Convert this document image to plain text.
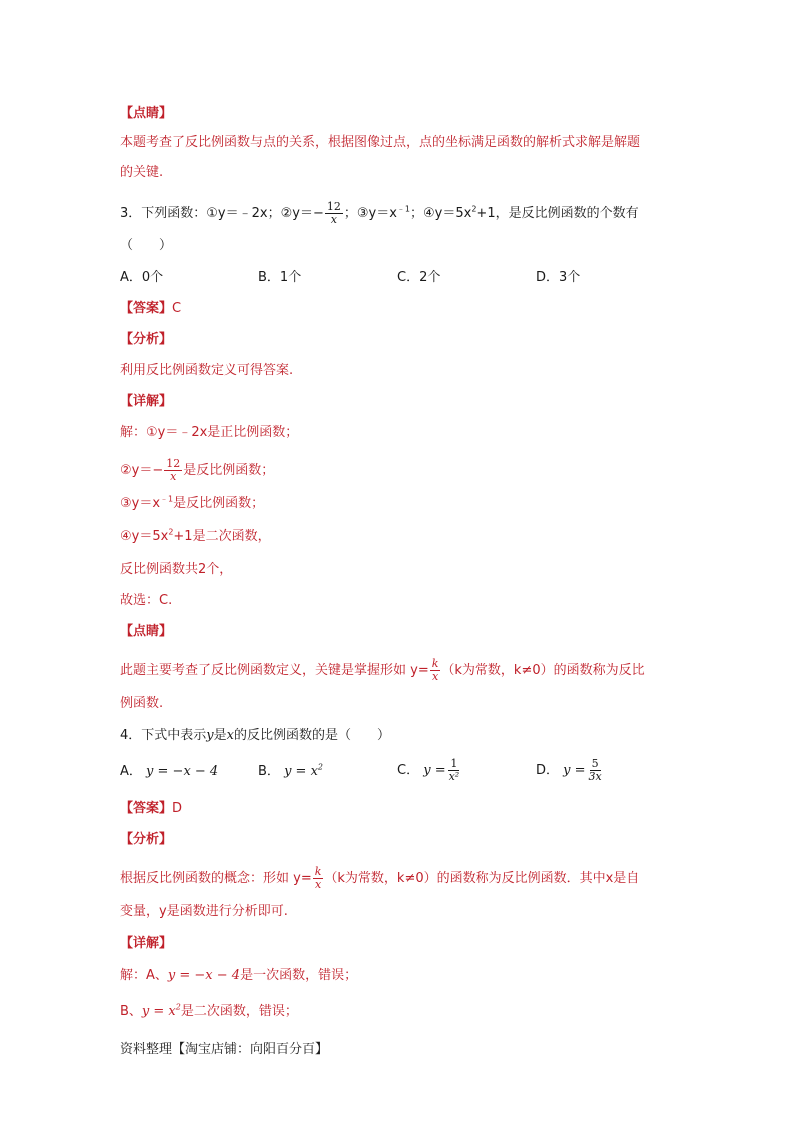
【点睛】
本题考查了反比例函数与点的关系，根据图像过点，点的坐标满足函数的解析式求解是解题
的关键.
3．下列函数：①y＝﹣2x；②y＝− $\frac{12}{x}$ ；$③y=x^{﹣1}$；$④y=5x^2+1$，是反比例函数的个数有
（　　）
A．0个	B．1个	C．2个	D．3个
【答案】C
【分析】
利用反比例函数定义可得答案.
【详解】
解：①y＝﹣2x是正比例函数；
②y＝− $\frac{12}{x}$ 是反比例函数；
$③y=x^{﹣1}$是反比例函数；
$④y=5x^2+1$是二次函数，
反比例函数共2个，
故选：C.
【点睛】
此题主要考查了反比例函数定义，关键是掌握形如 $y= \frac{k}{x} (k$为常数，k≠0）的函数称为反比
例函数.
4．下式中表示y是x的反比例函数的是（　　）
A． y = −x − 4	B． $y = x^2$	C． $y = \frac{1}{\text{x²}}$	D． $y = \frac{5}{3x}$
【答案】D
【分析】
根据反比例函数的概念：形如 $y= \frac{k}{x} (k$为常数，k≠0）的函数称为反比例函数．其中x是自
变量，y是函数进行分析即可.
【详解】
解：A、y = −x − 4是一次函数，错误；
B、$y = x^2$是二次函数，错误；
资料整理【淘宝店铺：向阳百分百】
